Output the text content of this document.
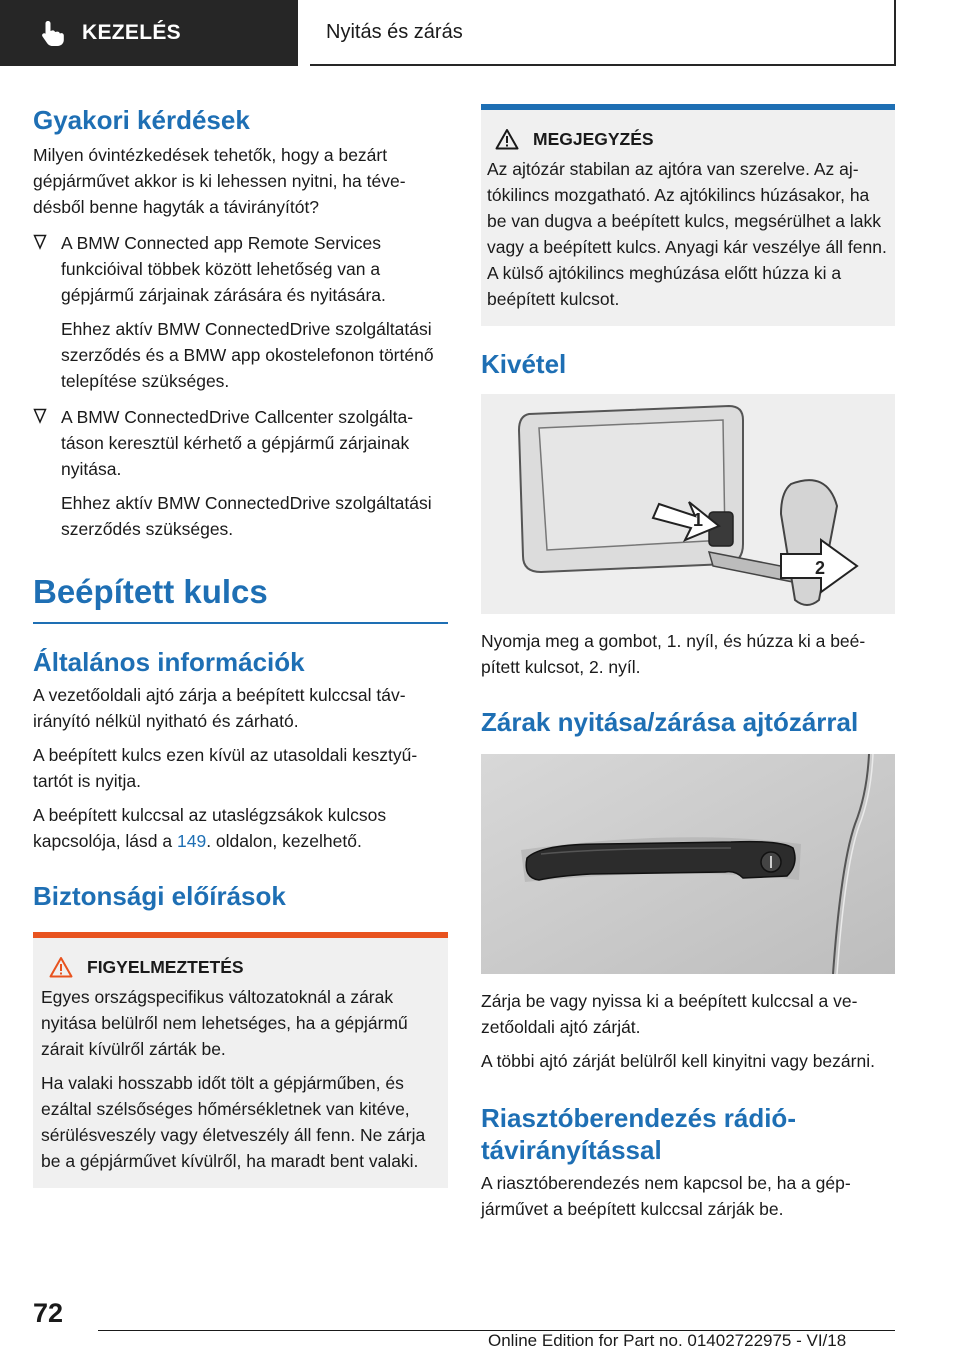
KEZELÉS	Nyitás és zárás
Gyakori kérdések

Milyen óvintézkedések tehetők, hogy a bezárt gépjárművet akkor is ki lehessen nyitni, ha tévedésből benne hagyták a távirányítót?

A BMW Connected app Remote Services funkcióival többek között lehetőség van a gépjármű zárjainak zárására és nyitására.

Ehhez aktív BMW ConnectedDrive szolgáltatási szerződés és a BMW app okostelefonon történő telepítése szükséges.

A BMW ConnectedDrive Callcenter szolgáltatáson keresztül kérhető a gépjármű zárjainak nyitása.

Ehhez aktív BMW ConnectedDrive szolgáltatási szerződés szükséges.

Beépített kulcs
Általános információk

A vezetőoldali ajtó zárja a beépített kulccsal távirányító nélkül nyitható és zárható.

A beépített kulcs ezen kívül az utasoldali kesztyűtartót is nyitja.

A beépített kulccsal az utaslégzsákok kulcsos kapcsolója, lásd a 149. oldalon, kezelhető.

Biztonsági előírások
FIGYELMEZTETÉS

Egyes országspecifikus változatoknál a zárak nyitása belülről nem lehetséges, ha a gépjármű zárait kívülről zárták be.

Ha valaki hosszabb időt tölt a gépjárműben, és ezáltal szélsőséges hőmérsékletnek van kitéve, sérülésveszély vagy életveszély áll fenn. Ne zárja be a gépjárművet kívülről, ha maradt bent valaki.

MEGJEGYZÉS

Az ajtózár stabilan az ajtóra van szerelve. Az ajtókilincs mozgatható. Az ajtókilincs húzásakor, ha be van dugva a beépített kulcs, megsérülhet a lakk vagy a beépített kulcs. Anyagi kár veszélye áll fenn. A külső ajtókilincs meghúzása előtt húzza ki a beépített kulcsot.

Kivétel
1
2

Nyomja meg a gombot, 1. nyíl, és húzza ki a beépített kulcsot, 2. nyíl.

Zárak nyitása/zárása ajtózárral

Zárja be vagy nyissa ki a beépített kulccsal a vezetőoldali ajtó zárját.

A többi ajtó zárját belülről kell kinyitni vagy bezárni.

Riasztóberendezés rádiótávirányítással

A riasztóberendezés nem kapcsol be, ha a gépjárművet a beépített kulccsal zárják be.

72
Online Edition for Part no. 01402722975 - VI/18
